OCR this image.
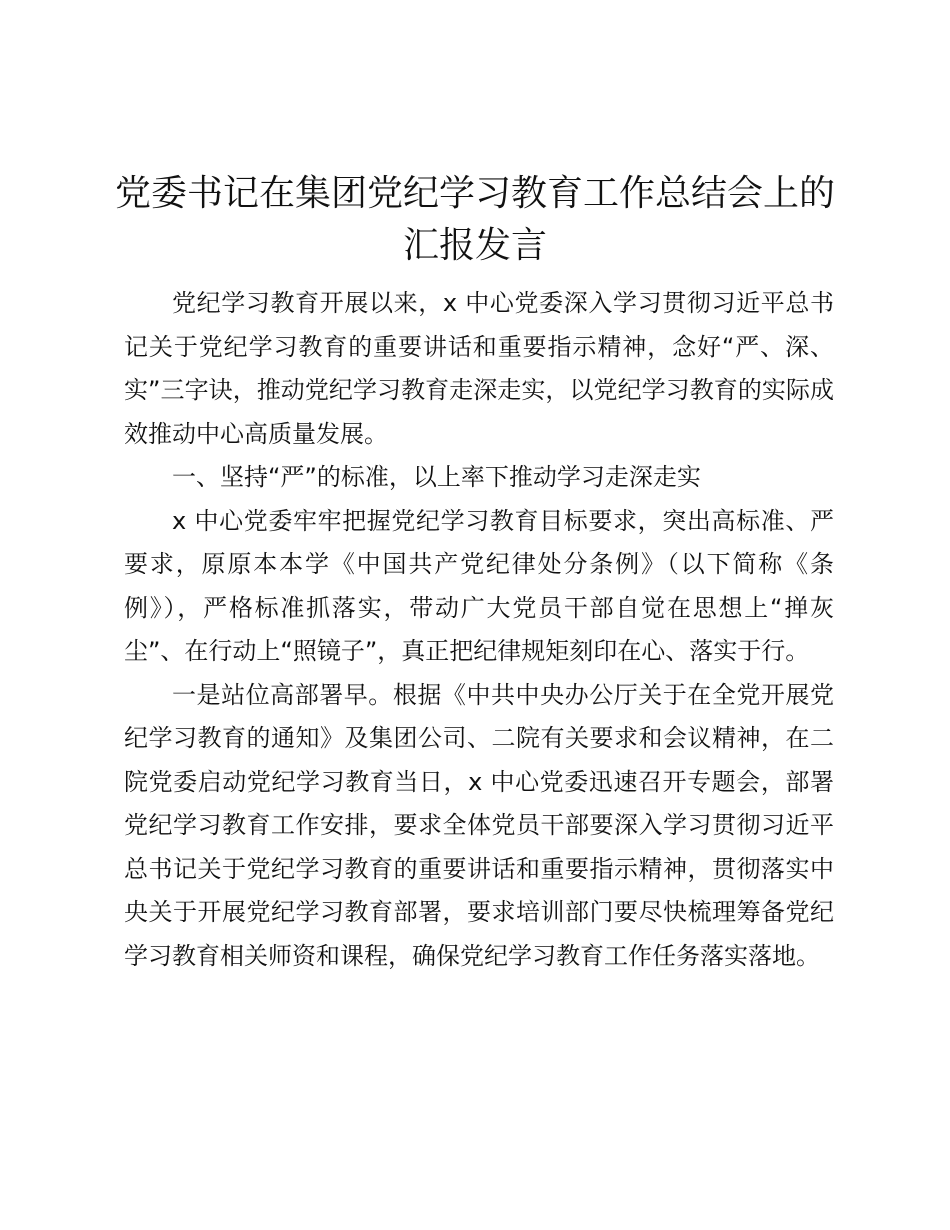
党委书记在集团党纪学习教育工作总结会上的汇报发言

党纪学习教育开展以来，x 中心党委深入学习贯彻习近平总书记关于党纪学习教育的重要讲话和重要指示精神，念好“严、深、实”三字诀，推动党纪学习教育走深走实，以党纪学习教育的实际成效推动中心高质量发展。

一、坚持“严”的标准，以上率下推动学习走深走实

x 中心党委牢牢把握党纪学习教育目标要求，突出高标准、严要求，原原本本学《中国共产党纪律处分条例》（以下简称《条例》），严格标准抓落实，带动广大党员干部自觉在思想上“掸灰尘”、在行动上“照镜子”，真正把纪律规矩刻印在心、落实于行。

一是站位高部署早。根据《中共中央办公厅关于在全党开展党纪学习教育的通知》及集团公司、二院有关要求和会议精神，在二院党委启动党纪学习教育当日，x 中心党委迅速召开专题会，部署党纪学习教育工作安排，要求全体党员干部要深入学习贯彻习近平总书记关于党纪学习教育的重要讲话和重要指示精神，贯彻落实中央关于开展党纪学习教育部署，要求培训部门要尽快梳理筹备党纪学习教育相关师资和课程，确保党纪学习教育工作任务落实落地。
